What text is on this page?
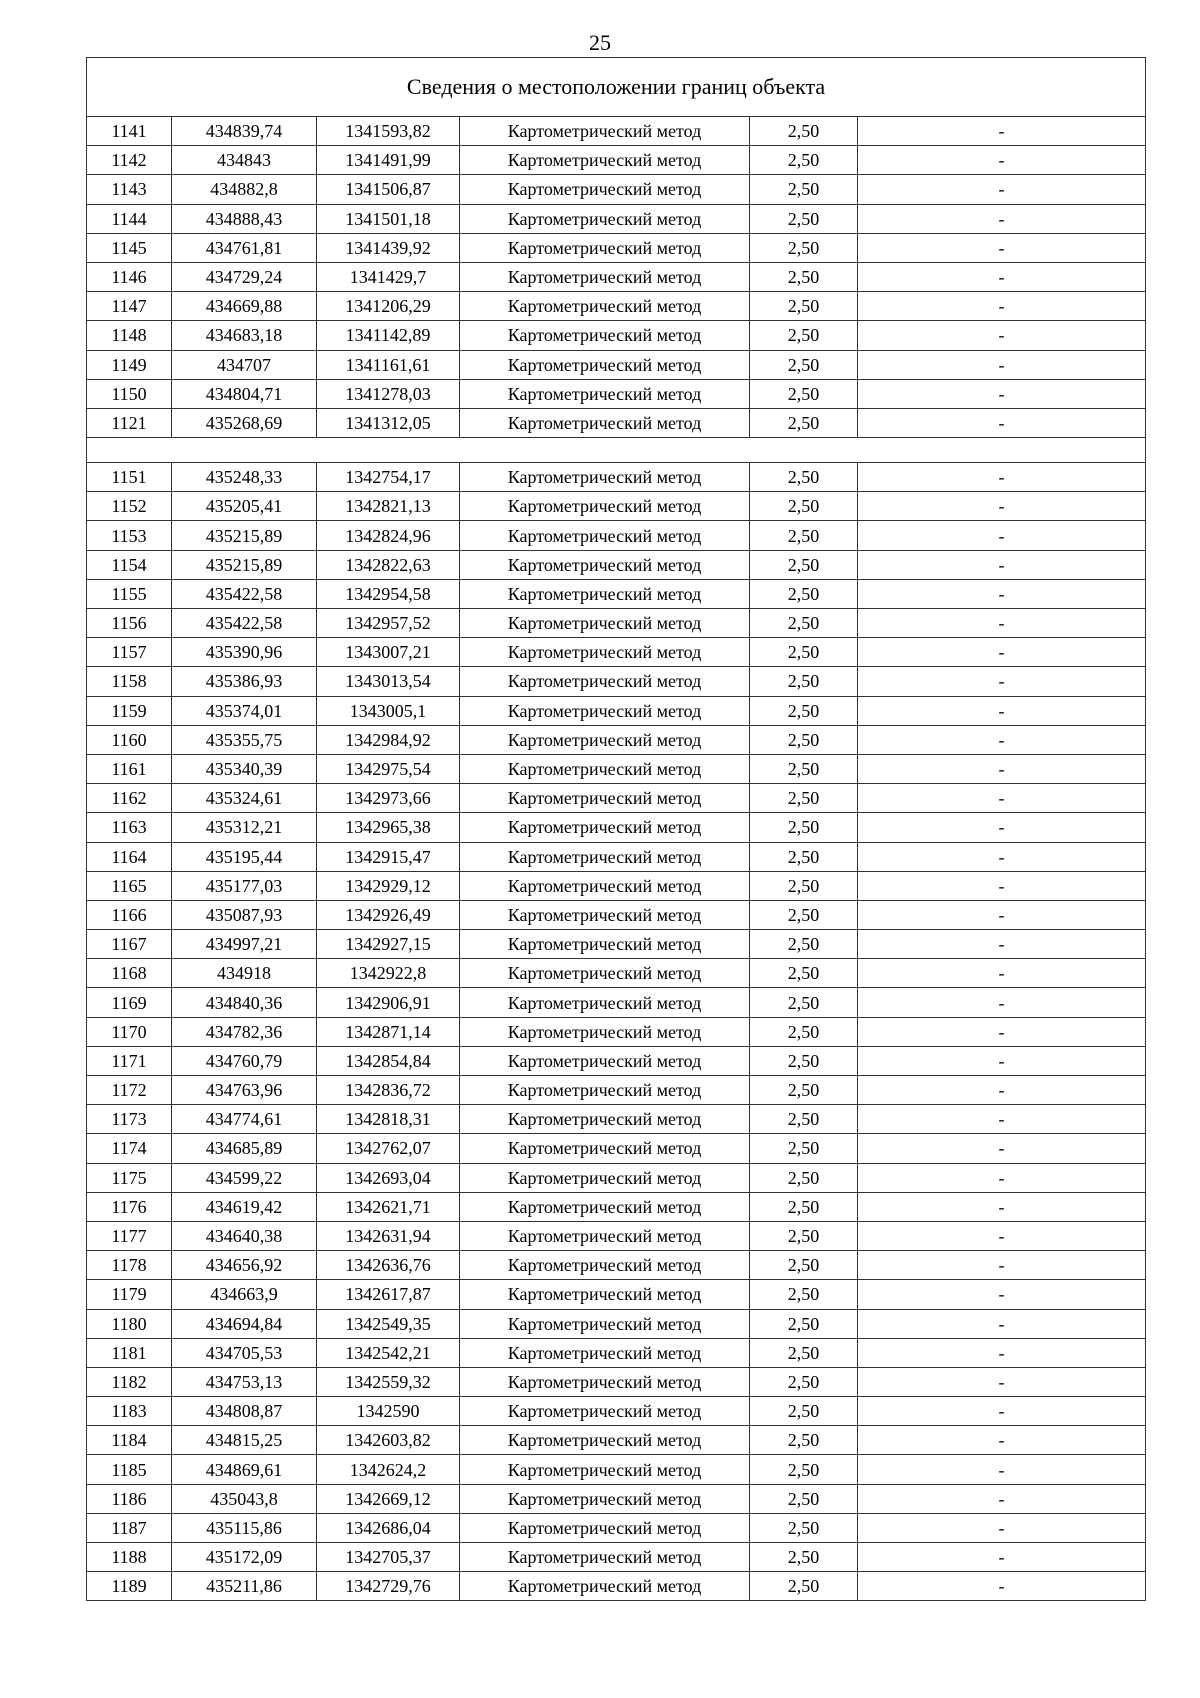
25
Сведения о местоположении границ объекта					
1141	434839,74	1341593,82	Картометрический метод	2,50	-
1142	434843	1341491,99	Картометрический метод	2,50	-
1143	434882,8	1341506,87	Картометрический метод	2,50	-
1144	434888,43	1341501,18	Картометрический метод	2,50	-
1145	434761,81	1341439,92	Картометрический метод	2,50	-
1146	434729,24	1341429,7	Картометрический метод	2,50	-
1147	434669,88	1341206,29	Картометрический метод	2,50	-
1148	434683,18	1341142,89	Картометрический метод	2,50	-
1149	434707	1341161,61	Картометрический метод	2,50	-
1150	434804,71	1341278,03	Картометрический метод	2,50	-
1121	435268,69	1341312,05	Картометрический метод	2,50	-

1151	435248,33	1342754,17	Картометрический метод	2,50	-
1152	435205,41	1342821,13	Картометрический метод	2,50	-
1153	435215,89	1342824,96	Картометрический метод	2,50	-
1154	435215,89	1342822,63	Картометрический метод	2,50	-
1155	435422,58	1342954,58	Картометрический метод	2,50	-
1156	435422,58	1342957,52	Картометрический метод	2,50	-
1157	435390,96	1343007,21	Картометрический метод	2,50	-
1158	435386,93	1343013,54	Картометрический метод	2,50	-
1159	435374,01	1343005,1	Картометрический метод	2,50	-
1160	435355,75	1342984,92	Картометрический метод	2,50	-
1161	435340,39	1342975,54	Картометрический метод	2,50	-
1162	435324,61	1342973,66	Картометрический метод	2,50	-
1163	435312,21	1342965,38	Картометрический метод	2,50	-
1164	435195,44	1342915,47	Картометрический метод	2,50	-
1165	435177,03	1342929,12	Картометрический метод	2,50	-
1166	435087,93	1342926,49	Картометрический метод	2,50	-
1167	434997,21	1342927,15	Картометрический метод	2,50	-
1168	434918	1342922,8	Картометрический метод	2,50	-
1169	434840,36	1342906,91	Картометрический метод	2,50	-
1170	434782,36	1342871,14	Картометрический метод	2,50	-
1171	434760,79	1342854,84	Картометрический метод	2,50	-
1172	434763,96	1342836,72	Картометрический метод	2,50	-
1173	434774,61	1342818,31	Картометрический метод	2,50	-
1174	434685,89	1342762,07	Картометрический метод	2,50	-
1175	434599,22	1342693,04	Картометрический метод	2,50	-
1176	434619,42	1342621,71	Картометрический метод	2,50	-
1177	434640,38	1342631,94	Картометрический метод	2,50	-
1178	434656,92	1342636,76	Картометрический метод	2,50	-
1179	434663,9	1342617,87	Картометрический метод	2,50	-
1180	434694,84	1342549,35	Картометрический метод	2,50	-
1181	434705,53	1342542,21	Картометрический метод	2,50	-
1182	434753,13	1342559,32	Картометрический метод	2,50	-
1183	434808,87	1342590	Картометрический метод	2,50	-
1184	434815,25	1342603,82	Картометрический метод	2,50	-
1185	434869,61	1342624,2	Картометрический метод	2,50	-
1186	435043,8	1342669,12	Картометрический метод	2,50	-
1187	435115,86	1342686,04	Картометрический метод	2,50	-
1188	435172,09	1342705,37	Картометрический метод	2,50	-
1189	435211,86	1342729,76	Картометрический метод	2,50	-
